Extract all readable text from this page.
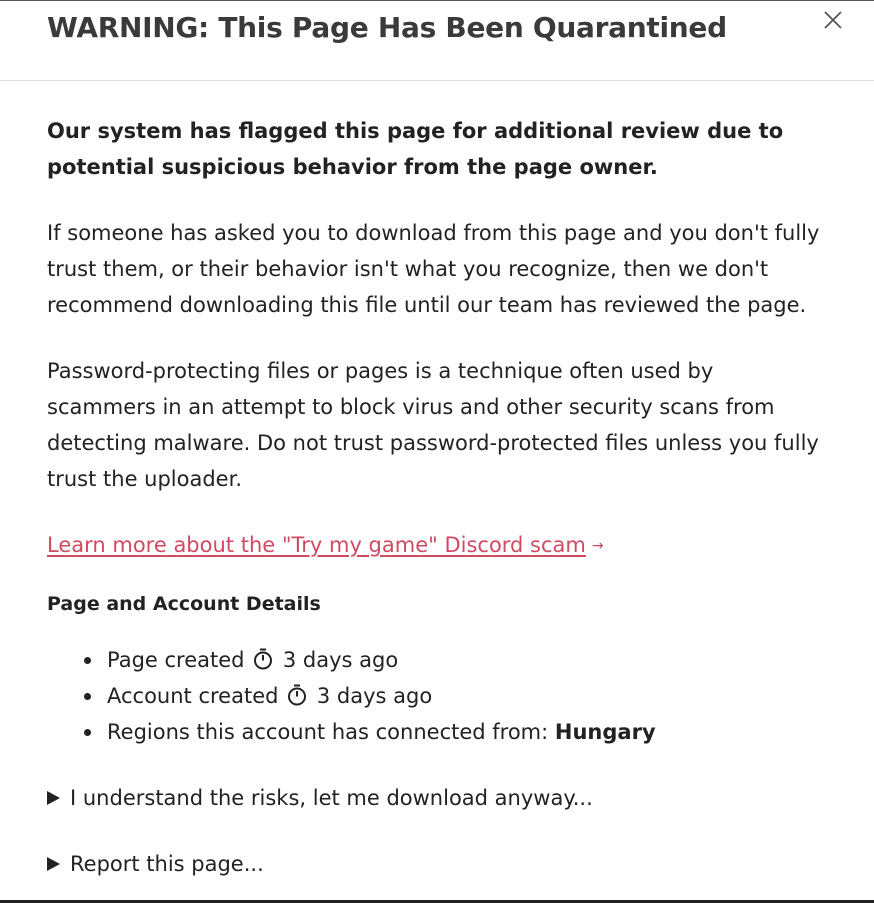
WARNING: This Page Has Been Quarantined

Our system has flagged this page for additional review due to potential suspicious behavior from the page owner.

If someone has asked you to download from this page and you don't fully trust them, or their behavior isn't what you recognize, then we don't recommend downloading this file until our team has reviewed the page.

Password-protecting files or pages is a technique often used by scammers in an attempt to block virus and other security scans from detecting malware. Do not trust password-protected files unless you fully trust the uploader.

Learn more about the "Try my game" Discord scam →
Page and Account Details
Page created 3 days ago
Account created 3 days ago
Regions this account has connected from: Hungary
I understand the risks, let me download anyway...
Report this page...
